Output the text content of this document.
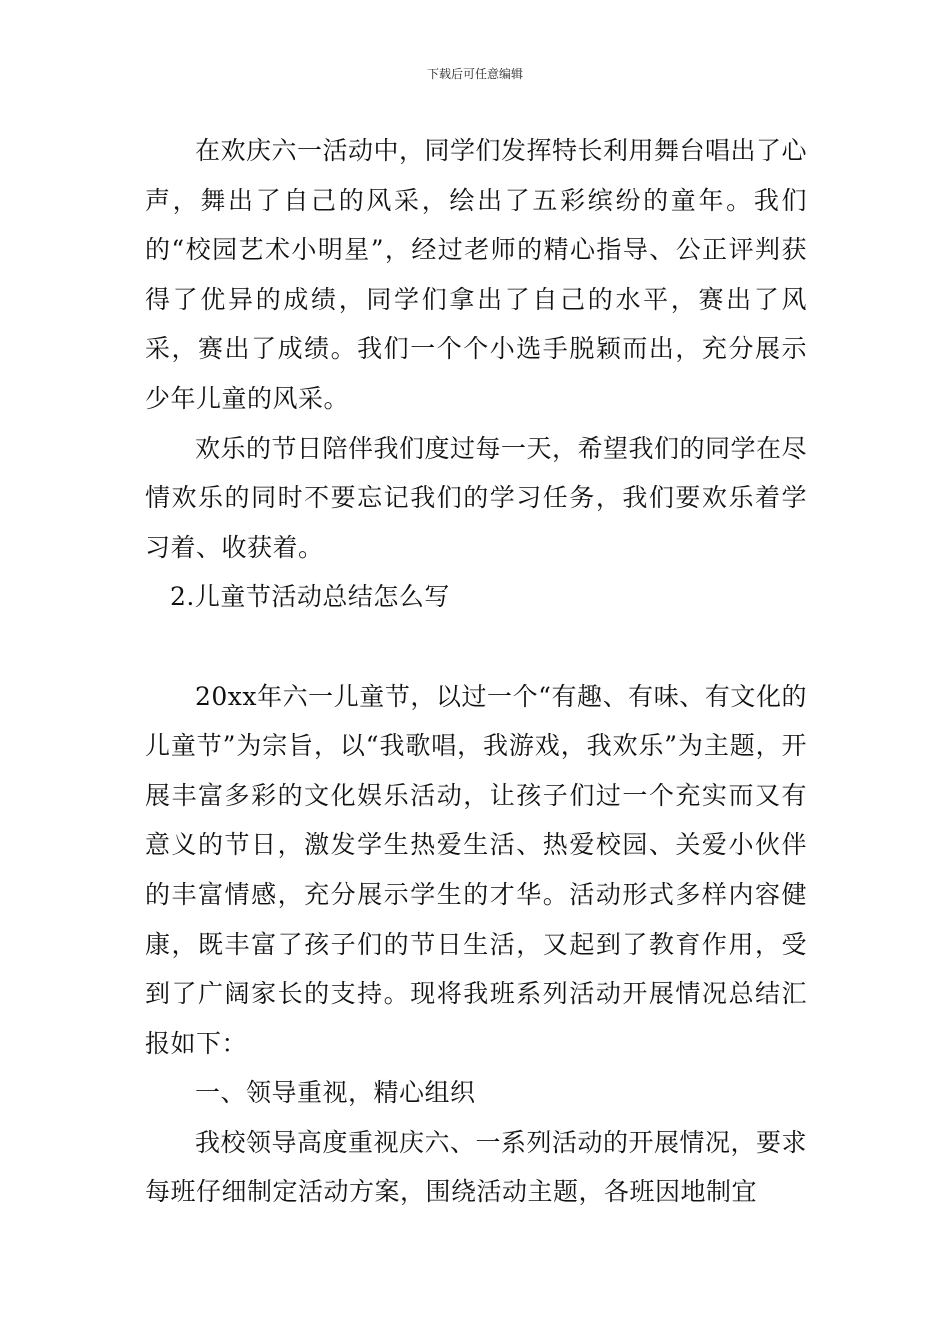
下载后可任意编辑

在欢庆六一活动中，同学们发挥特长利用舞台唱出了心声，舞出了自己的风采，绘出了五彩缤纷的童年。我们的“校园艺术小明星”，经过老师的精心指导、公正评判获得了优异的成绩，同学们拿出了自己的水平，赛出了风采，赛出了成绩。我们一个个小选手脱颖而出，充分展示少年儿童的风采。

欢乐的节日陪伴我们度过每一天，希望我们的同学在尽情欢乐的同时不要忘记我们的学习任务，我们要欢乐着学习着、收获着。

2.儿童节活动总结怎么写

20xx年六一儿童节，以过一个“有趣、有味、有文化的儿童节”为宗旨，以“我歌唱，我游戏，我欢乐”为主题，开展丰富多彩的文化娱乐活动，让孩子们过一个充实而又有意义的节日，激发学生热爱生活、热爱校园、关爱小伙伴的丰富情感，充分展示学生的才华。活动形式多样内容健康，既丰富了孩子们的节日生活，又起到了教育作用，受到了广阔家长的支持。现将我班系列活动开展情况总结汇报如下：

一、领导重视，精心组织

我校领导高度重视庆六、一系列活动的开展情况，要求每班仔细制定活动方案，围绕活动主题，各班因地制宜
